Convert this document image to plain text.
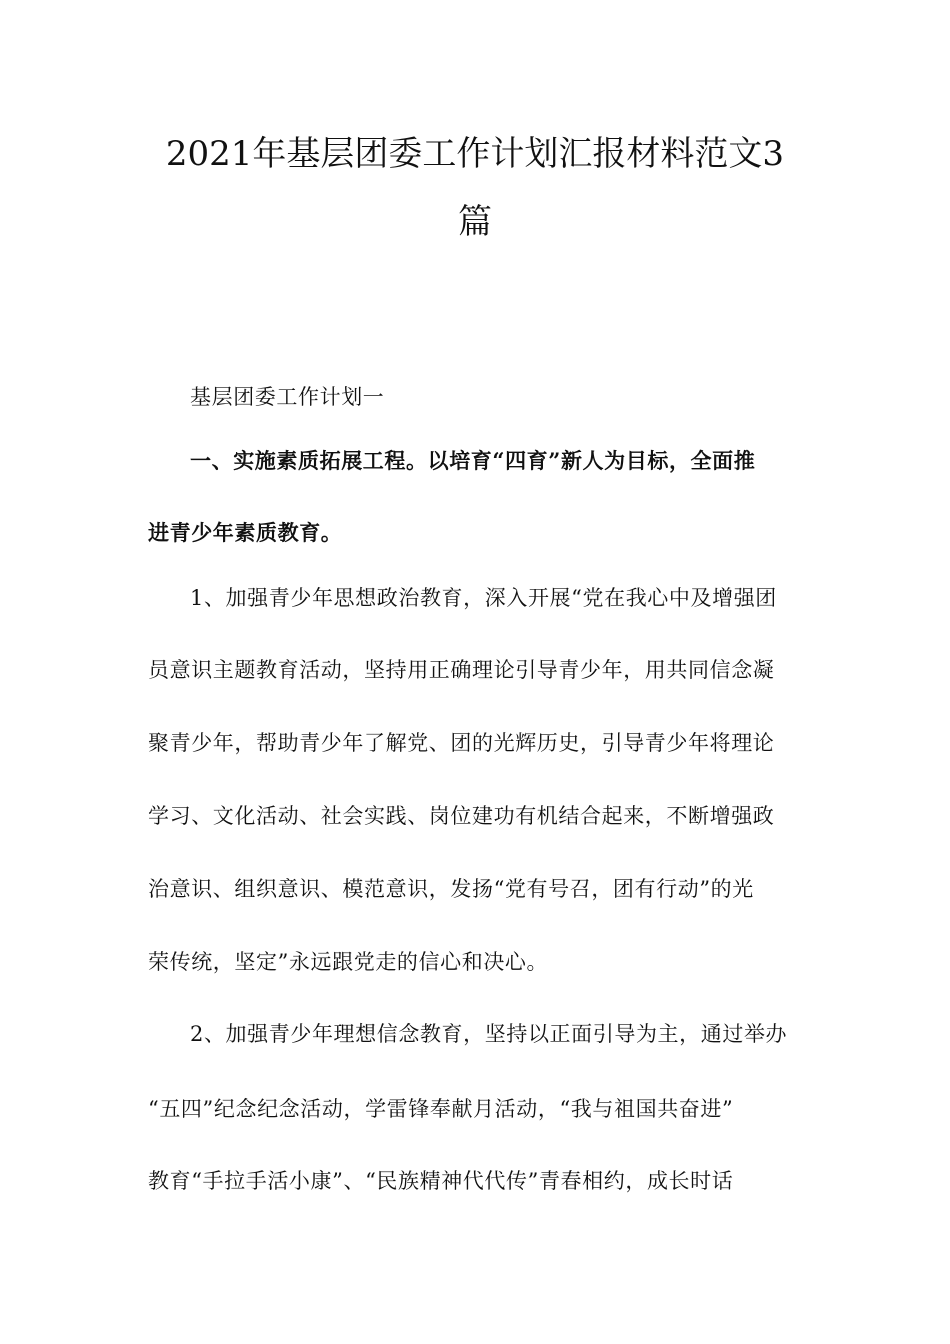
2021年基层团委工作计划汇报材料范文3
篇
基层团委工作计划一
一、实施素质拓展工程。以培育“四育”新人为目标，全面推
进青少年素质教育。
1、加强青少年思想政治教育，深入开展“党在我心中及增强团
员意识主题教育活动，坚持用正确理论引导青少年，用共同信念凝
聚青少年，帮助青少年了解党、团的光辉历史，引导青少年将理论
学习、文化活动、社会实践、岗位建功有机结合起来，不断增强政
治意识、组织意识、模范意识，发扬“党有号召，团有行动”的光
荣传统，坚定”永远跟党走的信心和决心。
2、加强青少年理想信念教育，坚持以正面引导为主，通过举办
“五四”纪念纪念活动，学雷锋奉献月活动，“我与祖国共奋进”
教育“手拉手活小康”、“民族精神代代传”青春相约，成长时话
